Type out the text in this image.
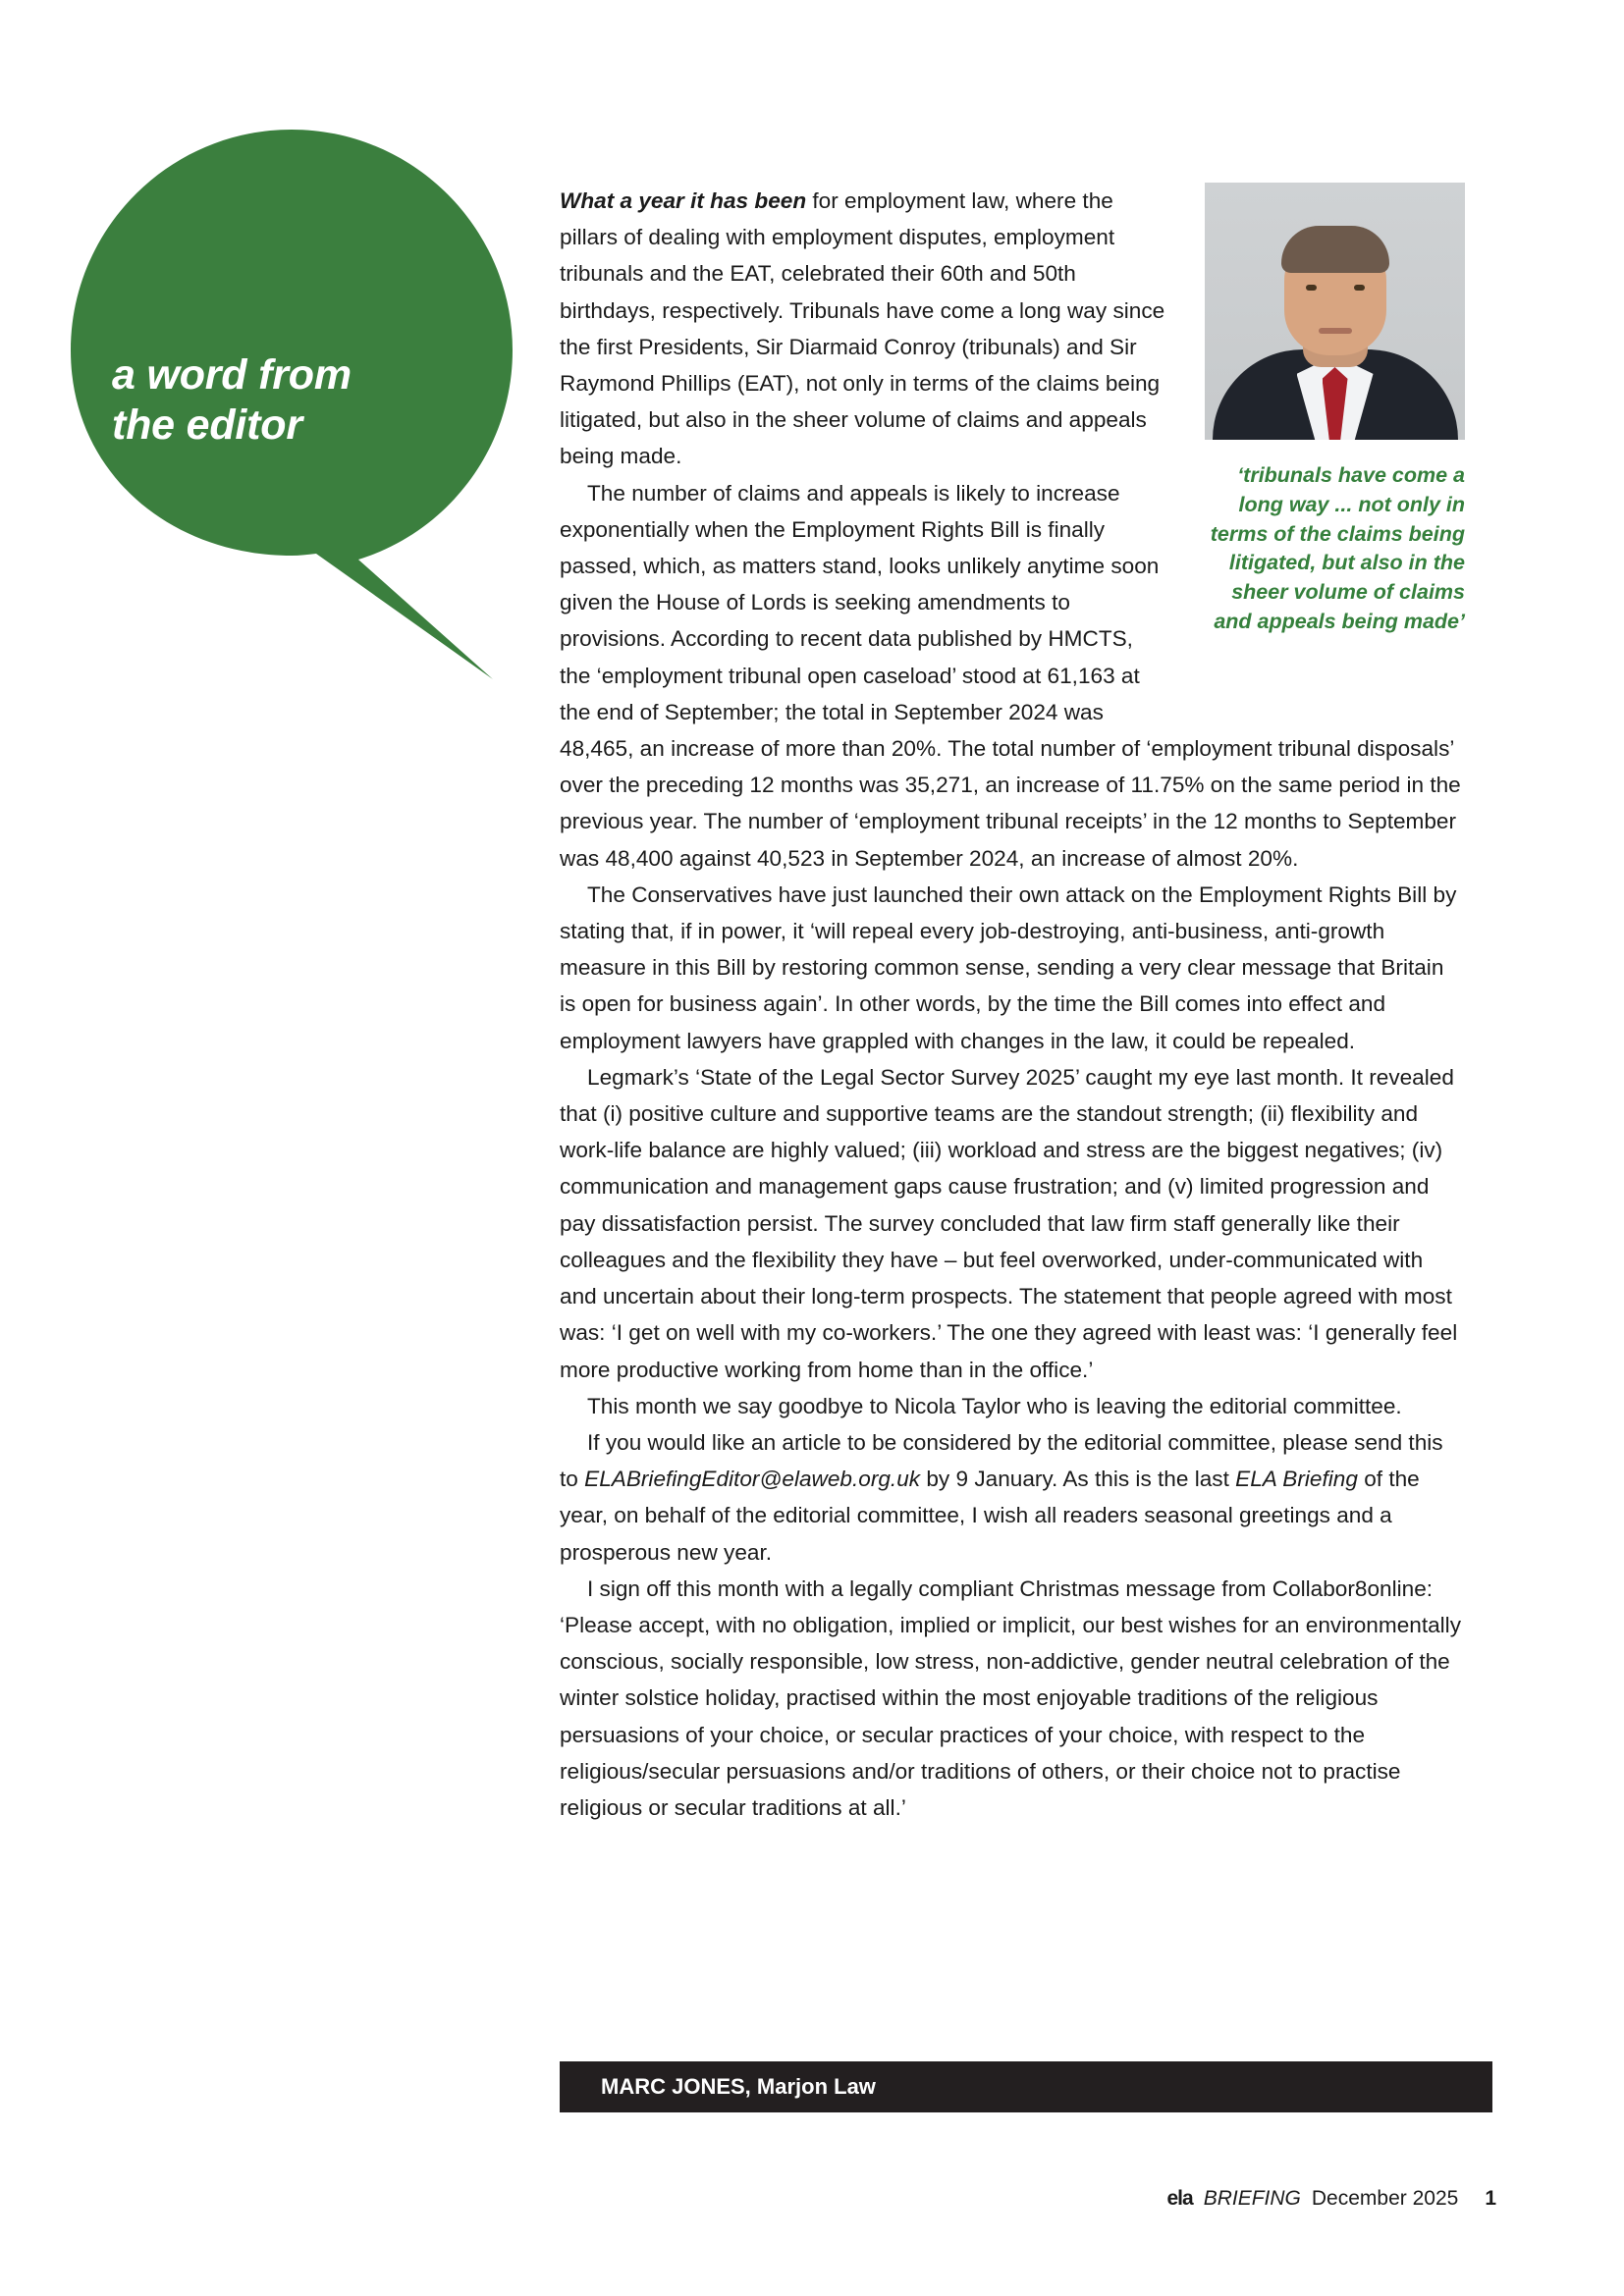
a word from
the editor
‘tribunals have come a long way ... not only in terms of the claims being litigated, but also in the sheer volume of claims and appeals being made’

What a year it has been for employment law, where the pillars of dealing with employment disputes, employment tribunals and the EAT, celebrated their 60th and 50th birthdays, respectively. Tribunals have come a long way since the first Presidents, Sir Diarmaid Conroy (tribunals) and Sir Raymond Phillips (EAT), not only in terms of the claims being litigated, but also in the sheer volume of claims and appeals being made.

The number of claims and appeals is likely to increase exponentially when the Employment Rights Bill is finally passed, which, as matters stand, looks unlikely anytime soon given the House of Lords is seeking amendments to provisions. According to recent data published by HMCTS, the ‘employment tribunal open caseload’ stood at 61,163 at the end of September; the total in September 2024 was 48,465, an increase of more than 20%. The total number of ‘employment tribunal disposals’ over the preceding 12 months was 35,271, an increase of 11.75% on the same period in the previous year. The number of ‘employment tribunal receipts’ in the 12 months to September was 48,400 against 40,523 in September 2024, an increase of almost 20%.

The Conservatives have just launched their own attack on the Employment Rights Bill by stating that, if in power, it ‘will repeal every job-destroying, anti-business, anti-growth measure in this Bill by restoring common sense, sending a very clear message that Britain is open for business again’. In other words, by the time the Bill comes into effect and employment lawyers have grappled with changes in the law, it could be repealed.

Legmark’s ‘State of the Legal Sector Survey 2025’ caught my eye last month. It revealed that (i) positive culture and supportive teams are the standout strength; (ii) flexibility and work-life balance are highly valued; (iii) workload and stress are the biggest negatives; (iv) communication and management gaps cause frustration; and (v) limited progression and pay dissatisfaction persist. The survey concluded that law firm staff generally like their colleagues and the flexibility they have – but feel overworked, under-communicated with and uncertain about their long-term prospects. The statement that people agreed with most was: ‘I get on well with my co-workers.’ The one they agreed with least was: ‘I generally feel more productive working from home than in the office.’

This month we say goodbye to Nicola Taylor who is leaving the editorial committee.

If you would like an article to be considered by the editorial committee, please send this to ELABriefingEditor@elaweb.org.uk by 9 January. As this is the last ELA Briefing of the year, on behalf of the editorial committee, I wish all readers seasonal greetings and a prosperous new year.

I sign off this month with a legally compliant Christmas message from Collabor8online: ‘Please accept, with no obligation, implied or implicit, our best wishes for an environmentally conscious, socially responsible, low stress, non-addictive, gender neutral celebration of the winter solstice holiday, practised within the most enjoyable traditions of the religious persuasions of your choice, or secular practices of your choice, with respect to the religious/secular persuasions and/or traditions of others, or their choice not to practise religious or secular traditions at all.’

MARC JONES, Marjon Law
ela BRIEFING December 2025 1
